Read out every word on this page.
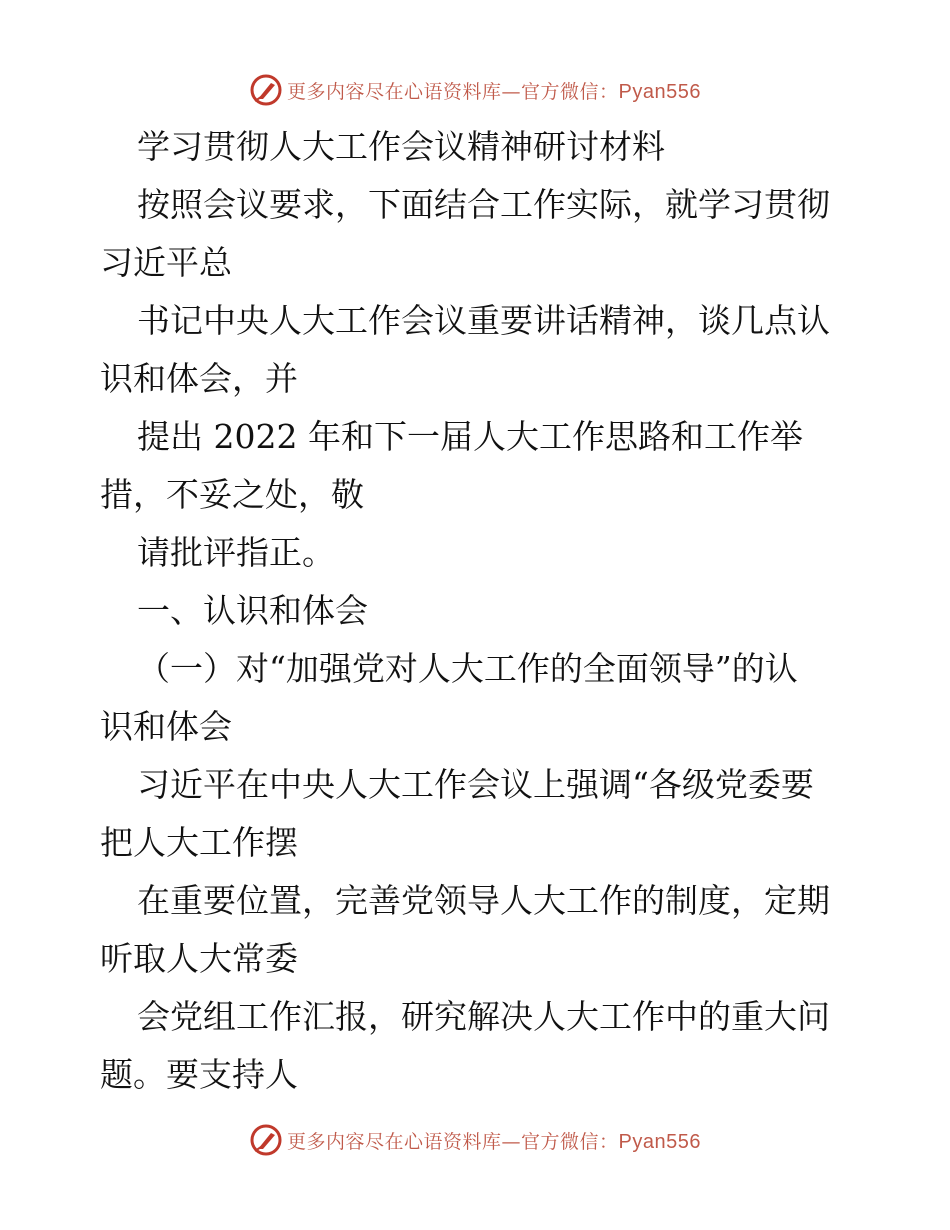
更多内容尽在心语资料库—官方微信：Pyan556
学习贯彻人大工作会议精神研讨材料
按照会议要求，下面结合工作实际，就学习贯彻
习近平总
书记中央人大工作会议重要讲话精神，谈几点认
识和体会，并
提出 2022 年和下一届人大工作思路和工作举
措，不妥之处，敬
请批评指正。
一、认识和体会
（一）对“加强党对人大工作的全面领导”的认
识和体会
习近平在中央人大工作会议上强调“各级党委要
把人大工作摆
在重要位置，完善党领导人大工作的制度，定期
听取人大常委
会党组工作汇报，研究解决人大工作中的重大问
题。要支持人
更多内容尽在心语资料库—官方微信：Pyan556
